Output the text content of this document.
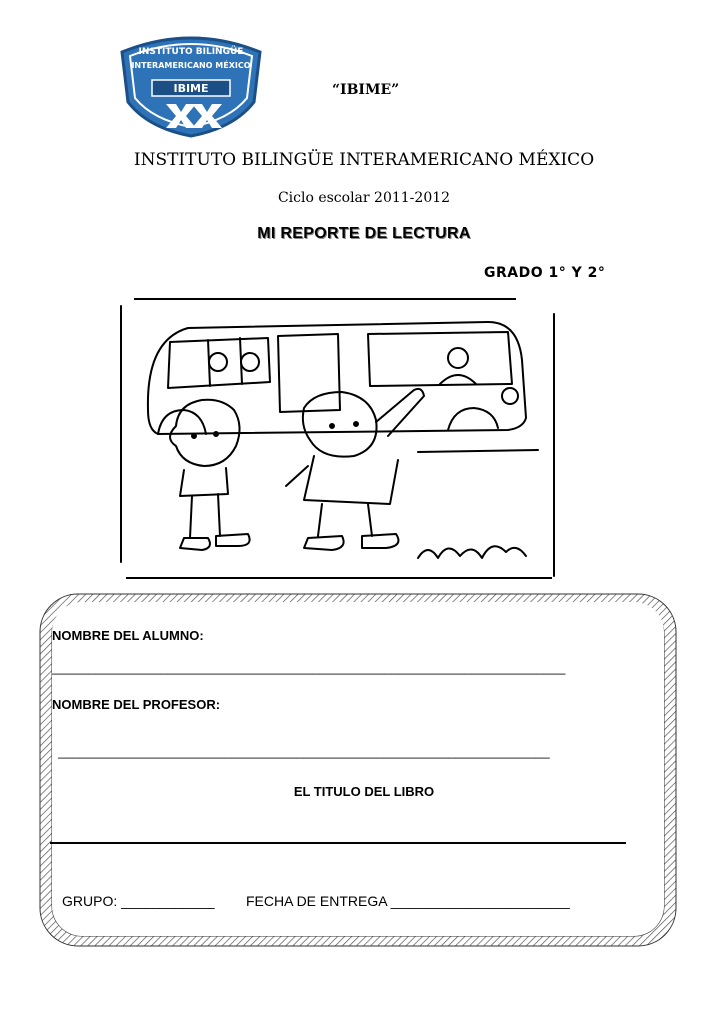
INSTITUTO BILINGÜE
INTERAMERICANO MÉXICO
IBIME	“IBIME”
INSTITUTO BILINGÜE INTERAMERICANO MÉXICO
Ciclo escolar 2011-2012
MI REPORTE DE LECTURA
GRADO 1° Y 2°
NOMBRE DEL ALUMNO:
_______________________________________________________________________
NOMBRE DEL PROFESOR:
____________________________________________________________________
EL TITULO DEL LIBRO
GRUPO: ____________ FECHA DE ENTREGA _______________________
